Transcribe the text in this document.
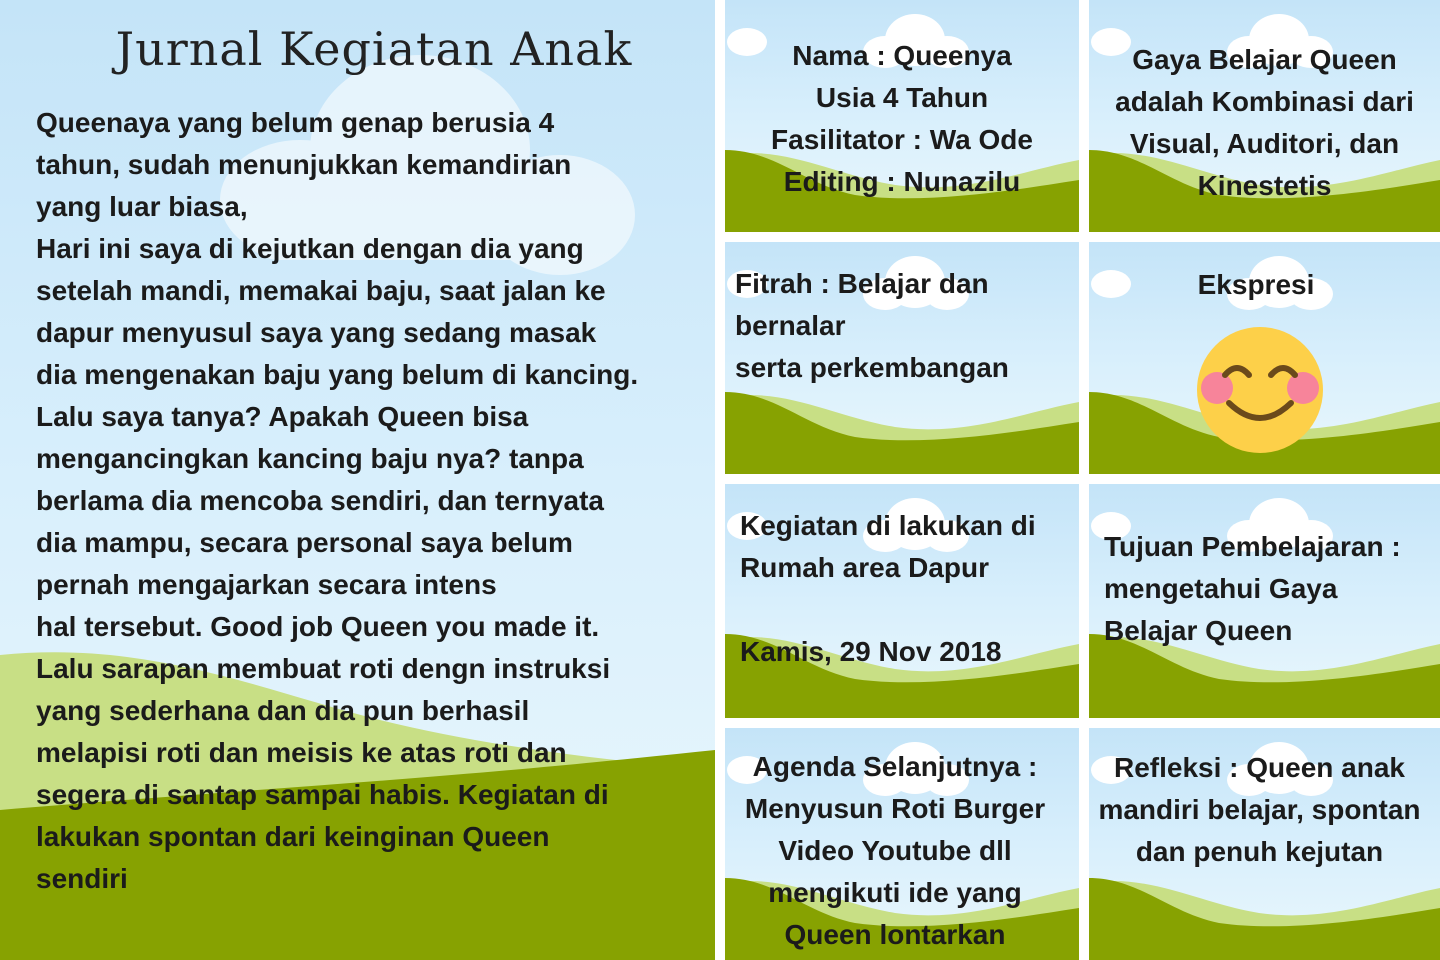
Jurnal Kegiatan Anak
Queenaya yang belum genap berusia 4
tahun, sudah menunjukkan kemandirian
yang luar biasa,
Hari ini saya di kejutkan dengan dia yang
setelah mandi, memakai baju, saat jalan ke
dapur menyusul saya yang sedang masak
dia mengenakan baju yang belum di kancing.
Lalu saya tanya? Apakah Queen bisa
mengancingkan kancing baju nya? tanpa
berlama dia mencoba sendiri, dan ternyata
dia mampu, secara personal saya belum
pernah mengajarkan secara intens
hal tersebut. Good job Queen you made it.
Lalu sarapan membuat roti dengn instruksi
yang sederhana dan dia pun berhasil
melapisi roti dan meisis ke atas roti dan
segera di santap sampai habis. Kegiatan di
lakukan spontan dari keinginan Queen
sendiri
Nama : Queenya
Usia 4 Tahun
Fasilitator : Wa Ode
Editing : Nunazilu
Gaya Belajar Queen
adalah Kombinasi dari
Visual, Auditori, dan
Kinestetis
Fitrah : Belajar dan
bernalar
serta perkembangan
Ekspresi
Kegiatan di lakukan di
Rumah area Dapur

Kamis, 29 Nov 2018
Tujuan Pembelajaran :
mengetahui Gaya
Belajar Queen
Agenda Selanjutnya :
Menyusun Roti Burger
Video Youtube dll
mengikuti ide yang
Queen lontarkan
Refleksi : Queen anak
mandiri belajar, spontan
dan penuh kejutan
